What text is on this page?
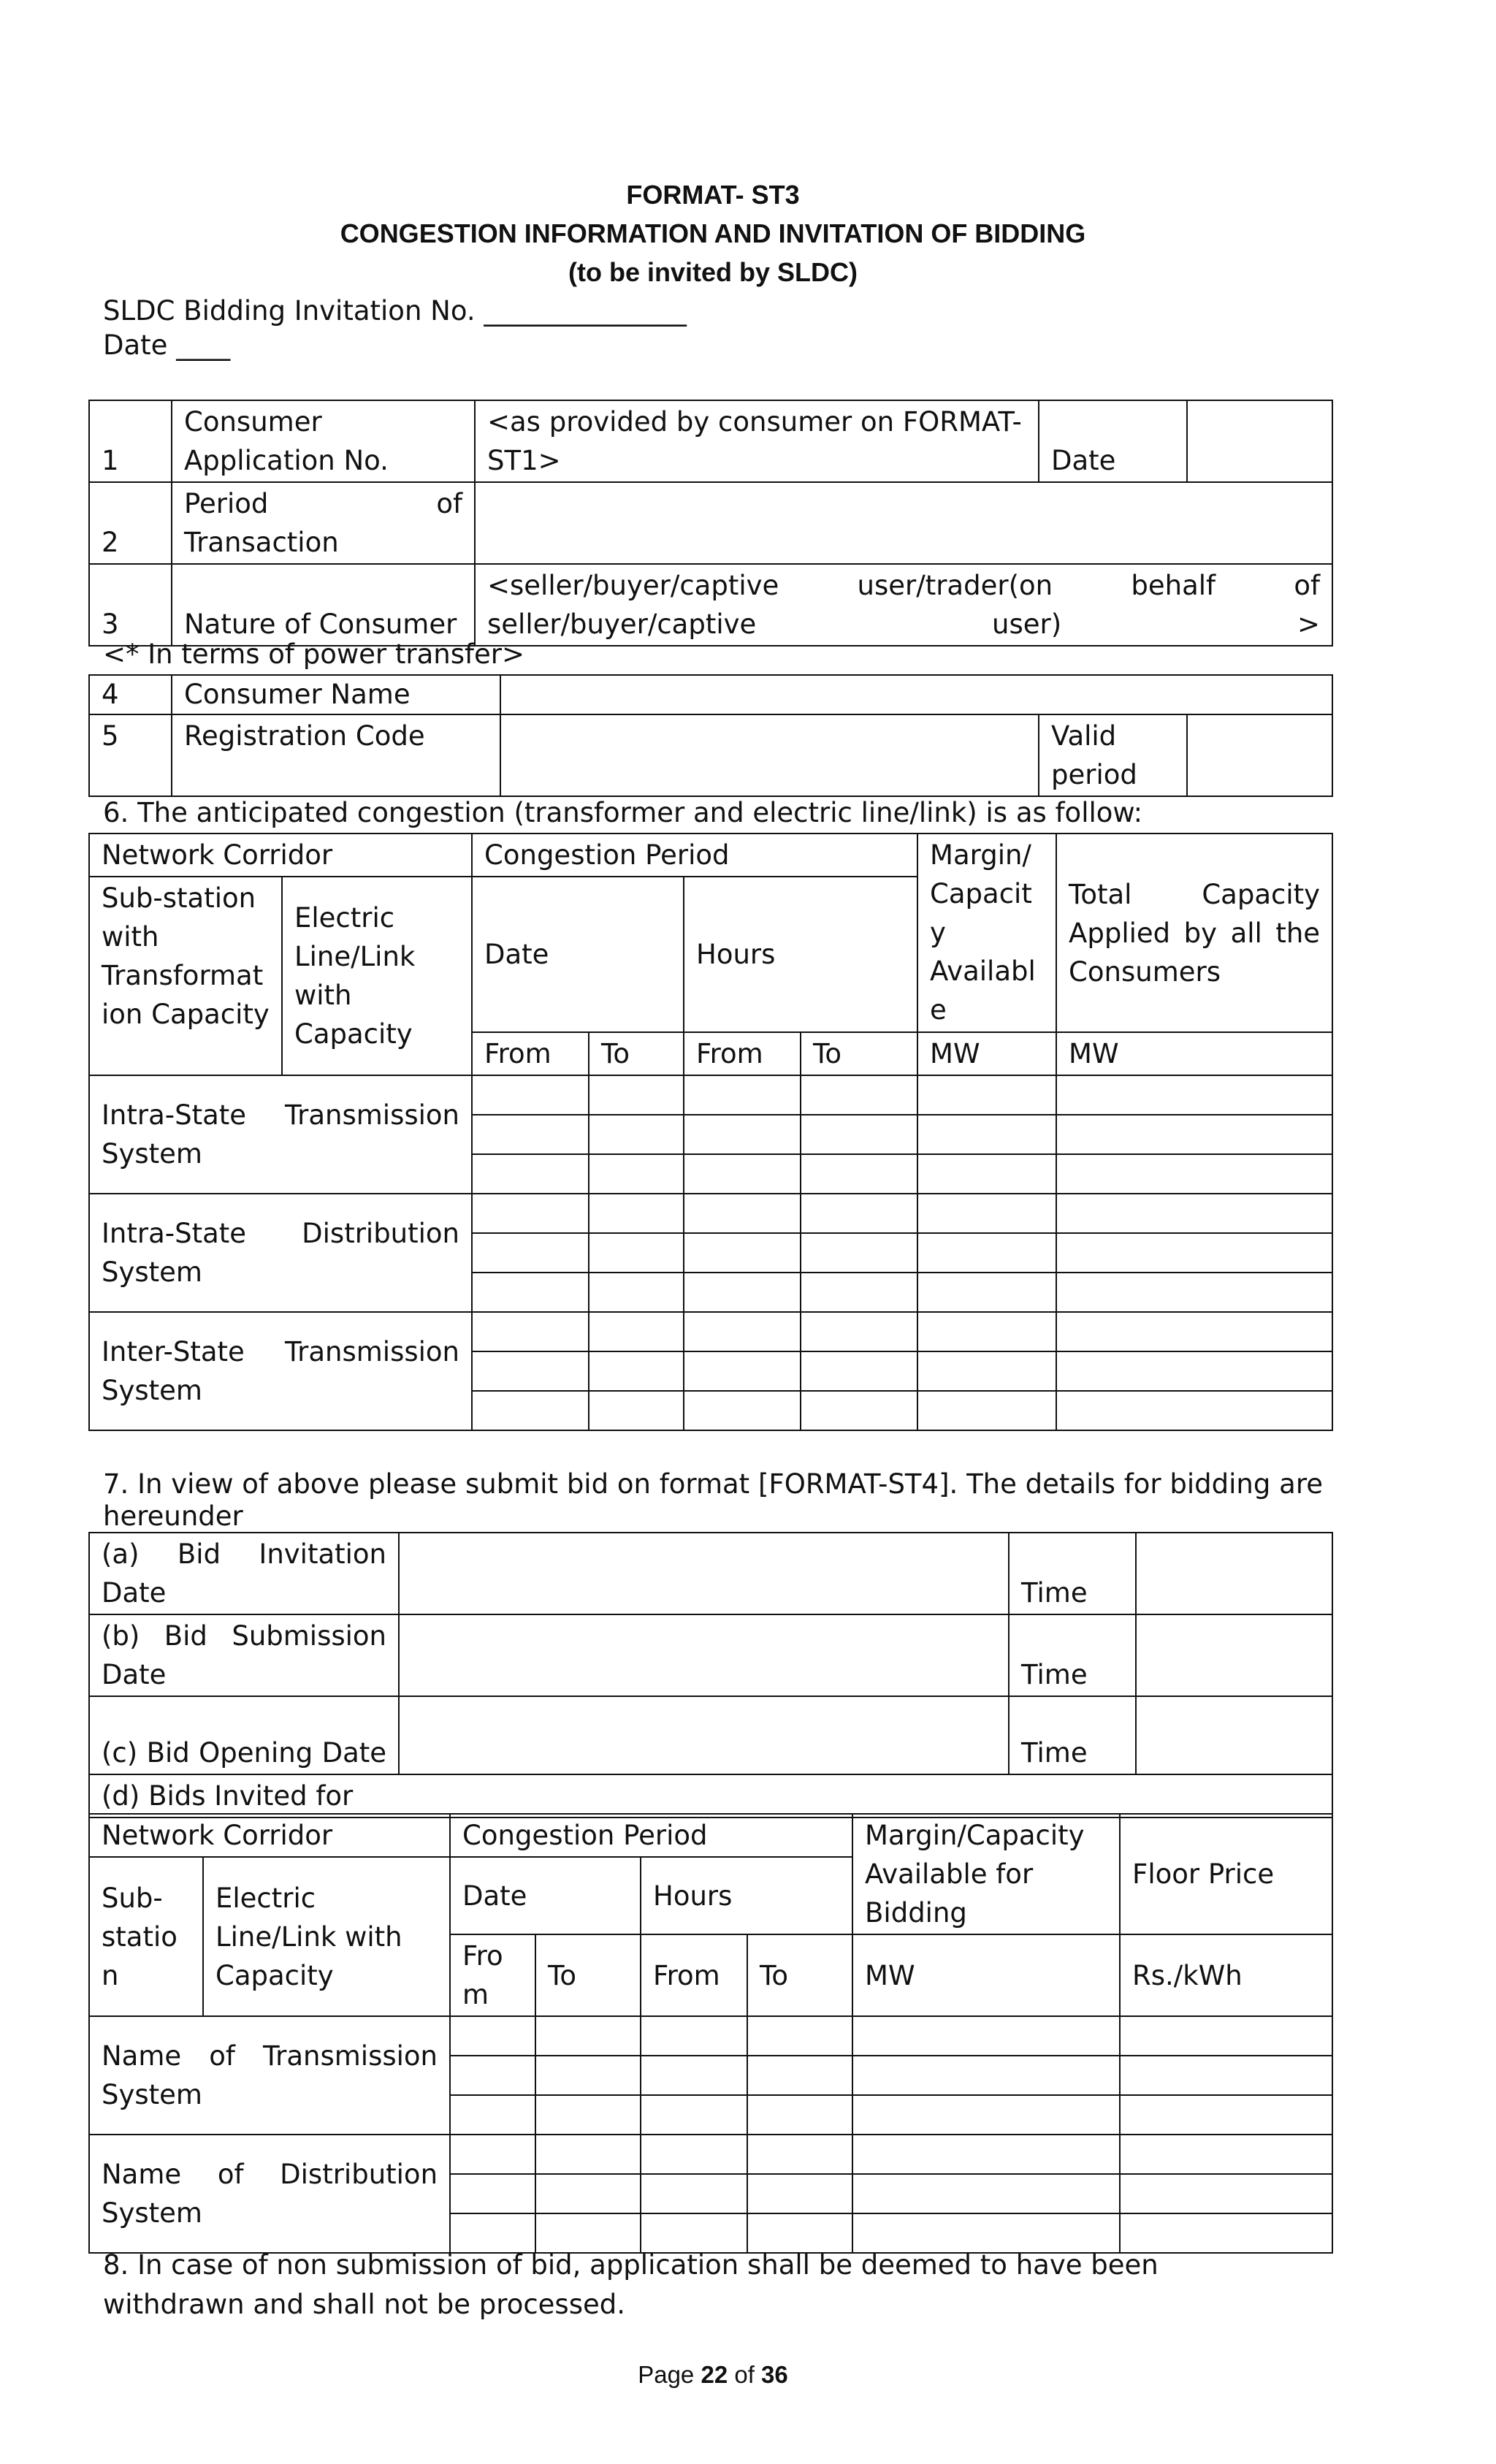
FORMAT- ST3
CONGESTION INFORMATION AND INVITATION OF BIDDING
(to be invited by SLDC)
SLDC Bidding Invitation No. _______________
Date ____
1	Consumer Application No.	<as provided by consumer on FORMAT-ST1>	Date	
2	Period of Transaction			
3	Nature of Consumer	<seller/buyer/captive user/trader(on behalf of seller/buyer/captive user) >		
<* In terms of power transfer>
4	Consumer Name			
5	Registration Code		Valid period	
6. The anticipated congestion (transformer and electric line/link) is as follow:
Network Corridor		Congestion Period				Margin/ Capacity Available	Total Capacity Applied by all the Consumers
Sub-station with Transformation Capacity	Electric Line/Link with Capacity	Date		Hours			
		From	To	From	To	MW	MW
Intra-State Transmission System							

Intra-State Distribution System							

Inter-State Transmission System							

7. In view of above please submit bid on format [FORMAT-ST4]. The details for bidding are hereunder
(a) Bid Invitation Date		Time	
(b) Bid Submission Date		Time	
(c) Bid Opening Date		Time	
(d) Bids Invited for			
Network Corridor		Congestion Period				Margin/Capacity Available for Bidding	Floor Price
Sub-station	Electric Line/Link with Capacity	Date		Hours			
		From	To	From	To	MW	Rs./kWh
Name of Transmission System							

Name of Distribution System							

8. In case of non submission of bid, application shall be deemed to have been
withdrawn and shall not be processed.
Page 22 of 36
